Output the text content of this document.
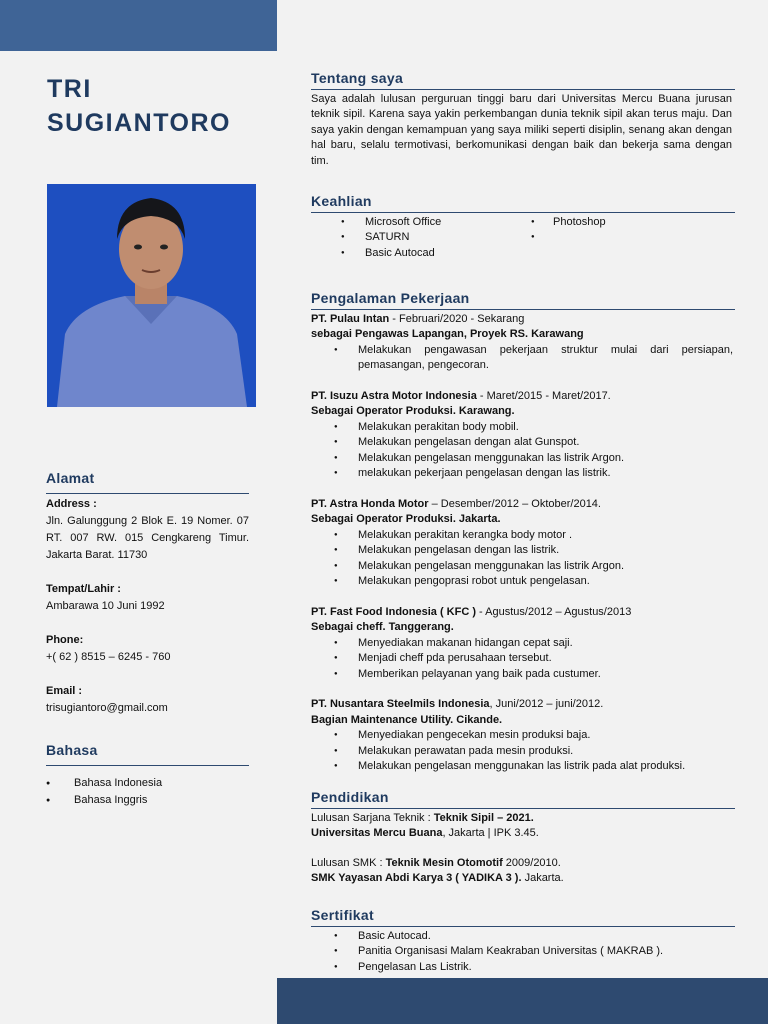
TRI
SUGIANTORO
Alamat
Address :
Jln. Galunggung 2 Blok E. 19 Nomer. 07 RT. 007 RW. 015 Cengkareng Timur. Jakarta Barat. 11730
Tempat/Lahir :
Ambarawa 10 Juni 1992
Phone:
+( 62 ) 8515 – 6245 - 760
Email :
trisugiantoro@gmail.com
Bahasa
● Bahasa Indonesia
● Bahasa Inggris
Tentang saya

Saya adalah lulusan perguruan tinggi baru dari Universitas Mercu Buana jurusan teknik sipil. Karena saya yakin perkembangan dunia teknik sipil akan terus maju. Dan saya yakin dengan kemampuan yang saya miliki seperti disiplin, senang akan dengan hal baru, selalu termotivasi, berkomunikasi dengan baik dan bekerja sama dengan tim.

Keahlian
● Microsoft Office
● SATURN
● Basic Autocad
● Photoshop
●
Pengalaman Pekerjaan
PT. Pulau Intan - Februari/2020 - Sekarang
sebagai Pengawas Lapangan, Proyek RS. Karawang
● Melakukan pengawasan pekerjaan struktur mulai dari persiapan, pemasangan, pengecoran.
PT. Isuzu Astra Motor Indonesia - Maret/2015 - Maret/2017.
Sebagai Operator Produksi. Karawang.
● Melakukan perakitan body mobil.
● Melakukan pengelasan dengan alat Gunspot.
● Melakukan pengelasan menggunakan las listrik Argon.
● melakukan pekerjaan pengelasan dengan las listrik.
PT. Astra Honda Motor – Desember/2012 – Oktober/2014.
Sebagai Operator Produksi. Jakarta.
● Melakukan perakitan kerangka body motor .
● Melakukan pengelasan dengan las listrik.
● Melakukan pengelasan menggunakan las listrik Argon.
● Melakukan pengoprasi robot untuk pengelasan.
PT. Fast Food Indonesia ( KFC ) - Agustus/2012 – Agustus/2013
Sebagai cheff. Tanggerang.
● Menyediakan makanan hidangan cepat saji.
● Menjadi cheff pda perusahaan tersebut.
● Memberikan pelayanan yang baik pada custumer.
PT. Nusantara Steelmils Indonesia, Juni/2012 – juni/2012.
Bagian Maintenance Utility. Cikande.
● Menyediakan pengecekan mesin produksi baja.
● Melakukan perawatan pada mesin produksi.
● Melakukan pengelasan menggunakan las listrik pada alat produksi.
Pendidikan
Lulusan Sarjana Teknik : Teknik Sipil – 2021.
Universitas Mercu Buana, Jakarta | IPK 3.45.
Lulusan SMK : Teknik Mesin Otomotif 2009/2010.
SMK Yayasan Abdi Karya 3 ( YADIKA 3 ). Jakarta.
Sertifikat
● Basic Autocad.
● Panitia Organisasi Malam Keakraban Universitas ( MAKRAB ).
● Pengelasan Las Listrik.
